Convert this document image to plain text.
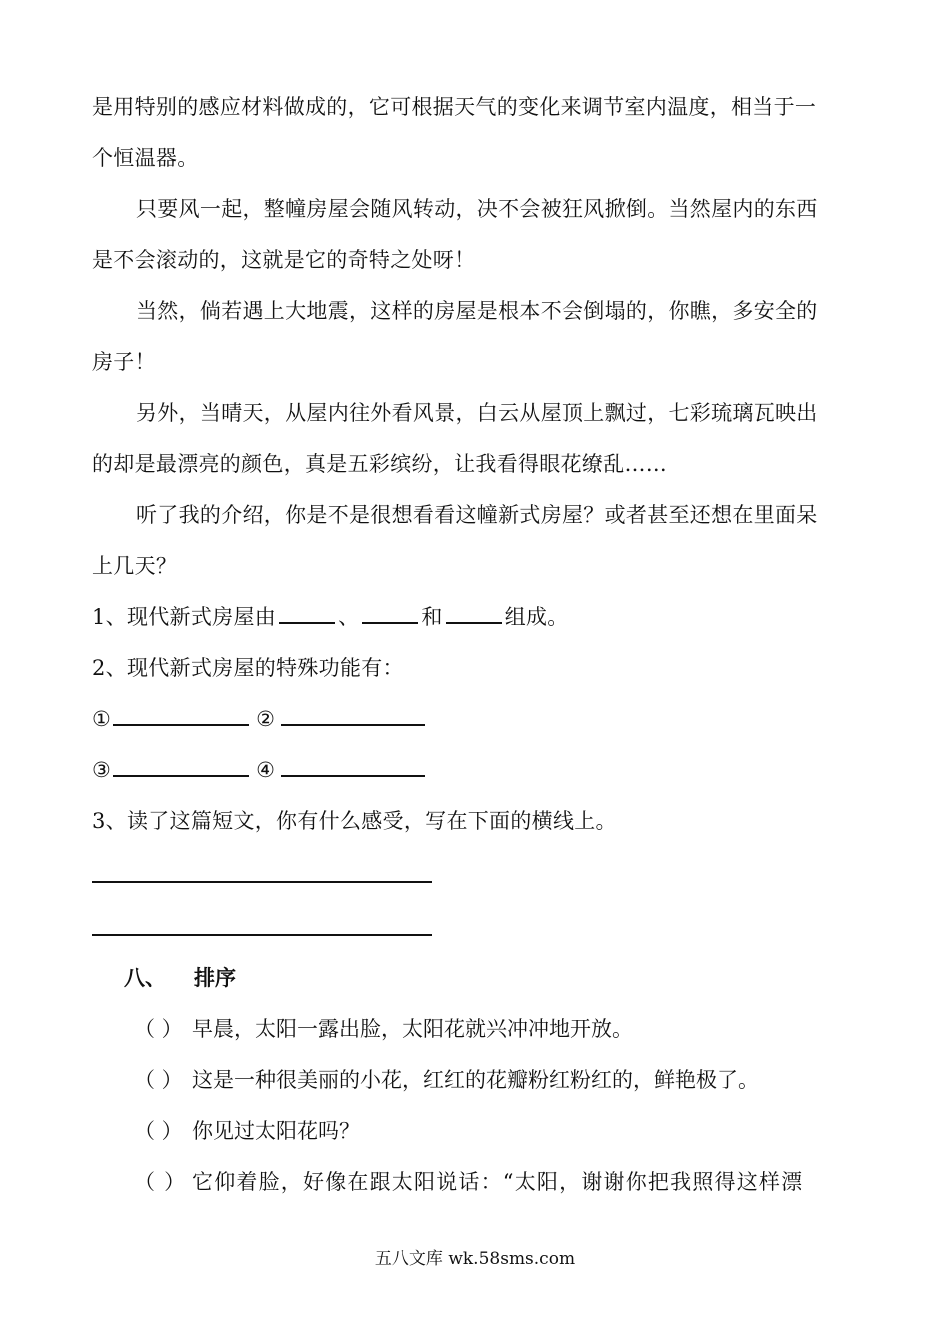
是用特别的感应材料做成的，它可根据天气的变化来调节室内温度，相当于一
个恒温器。
只要风一起，整幢房屋会随风转动，决不会被狂风掀倒。当然屋内的东西
是不会滚动的，这就是它的奇特之处呀！
当然，倘若遇上大地震，这样的房屋是根本不会倒塌的，你瞧，多安全的
房子！
另外，当晴天，从屋内往外看风景，白云从屋顶上飘过，七彩琉璃瓦映出
的却是最漂亮的颜色，真是五彩缤纷，让我看得眼花缭乱……
听了我的介绍，你是不是很想看看这幢新式房屋？或者甚至还想在里面呆
上几天？
1、现代新式房屋由	、	和	组成。
2、现代新式房屋的特殊功能有：
①	②
③	④
3、读了这篇短文，你有什么感受，写在下面的横线上。
八、 排序
（ ） 早晨，太阳一露出脸，太阳花就兴冲冲地开放。
（ ） 这是一种很美丽的小花，红红的花瓣粉红粉红的，鲜艳极了。
（ ） 你见过太阳花吗？
（ ） 它仰着脸，好像在跟太阳说话：“太阳，谢谢你把我照得这样漂
五八文库 wk.58sms.com
